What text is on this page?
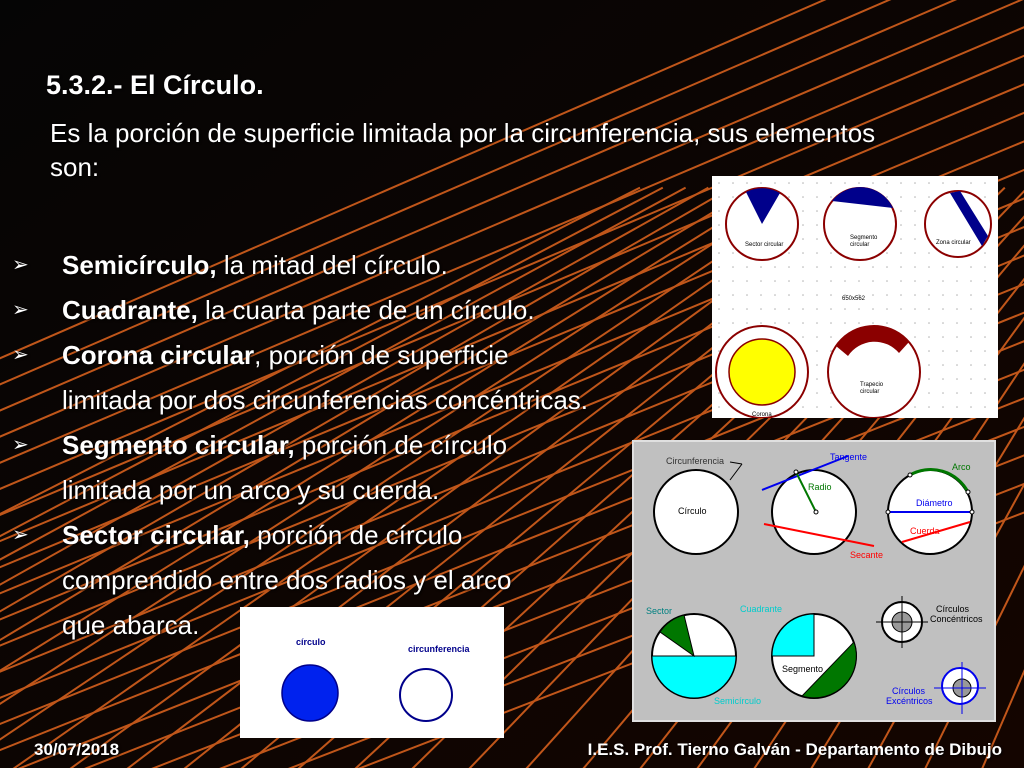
5.3.2.- El Círculo.
Es la porción de superficie limitada por la circunferencia, sus elementos son:
➢ Semicírculo, la mitad del círculo.
➢ Cuadrante, la cuarta parte de un círculo.
➢ Corona circular, porción de superficie
limitada por dos circunferencias concéntricas.
➢ Segmento circular, porción de círculo
limitada por un arco y su cuerda.
➢ Sector circular, porción de círculo
comprendido entre dos radios y el arco
que abarca.
Sector circular
Segmento
circular	Zona circular
650x562
Corona
Trapecio
circular
Círculo
Circunferencia	Tangente
Radio
Secante
Arco
Diámetro
Cuerda
Sector
Semicírculo
Cuadrante
Segmento
Círculos
Concéntricos
Círculos
Excéntricos
círculo
circunferencia
30/07/2018	I.E.S. Prof. Tierno Galván - Departamento de Dibujo
